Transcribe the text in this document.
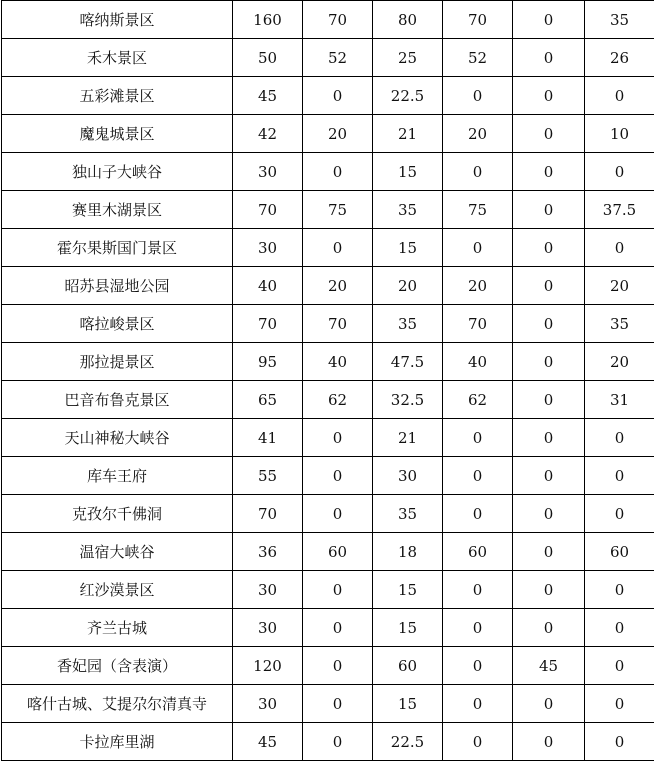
喀纳斯景区	160	70	80	70	0	35
禾木景区	50	52	25	52	0	26
五彩滩景区	45	0	22.5	0	0	0
魔鬼城景区	42	20	21	20	0	10
独山子大峡谷	30	0	15	0	0	0
赛里木湖景区	70	75	35	75	0	37.5
霍尔果斯国门景区	30	0	15	0	0	0
昭苏县湿地公园	40	20	20	20	0	20
喀拉峻景区	70	70	35	70	0	35
那拉提景区	95	40	47.5	40	0	20
巴音布鲁克景区	65	62	32.5	62	0	31
天山神秘大峡谷	41	0	21	0	0	0
库车王府	55	0	30	0	0	0
克孜尔千佛洞	70	0	35	0	0	0
温宿大峡谷	36	60	18	60	0	60
红沙漠景区	30	0	15	0	0	0
齐兰古城	30	0	15	0	0	0
香妃园（含表演）	120	0	60	0	45	0
喀什古城、艾提尕尔清真寺	30	0	15	0	0	0
卡拉库里湖	45	0	22.5	0	0	0
